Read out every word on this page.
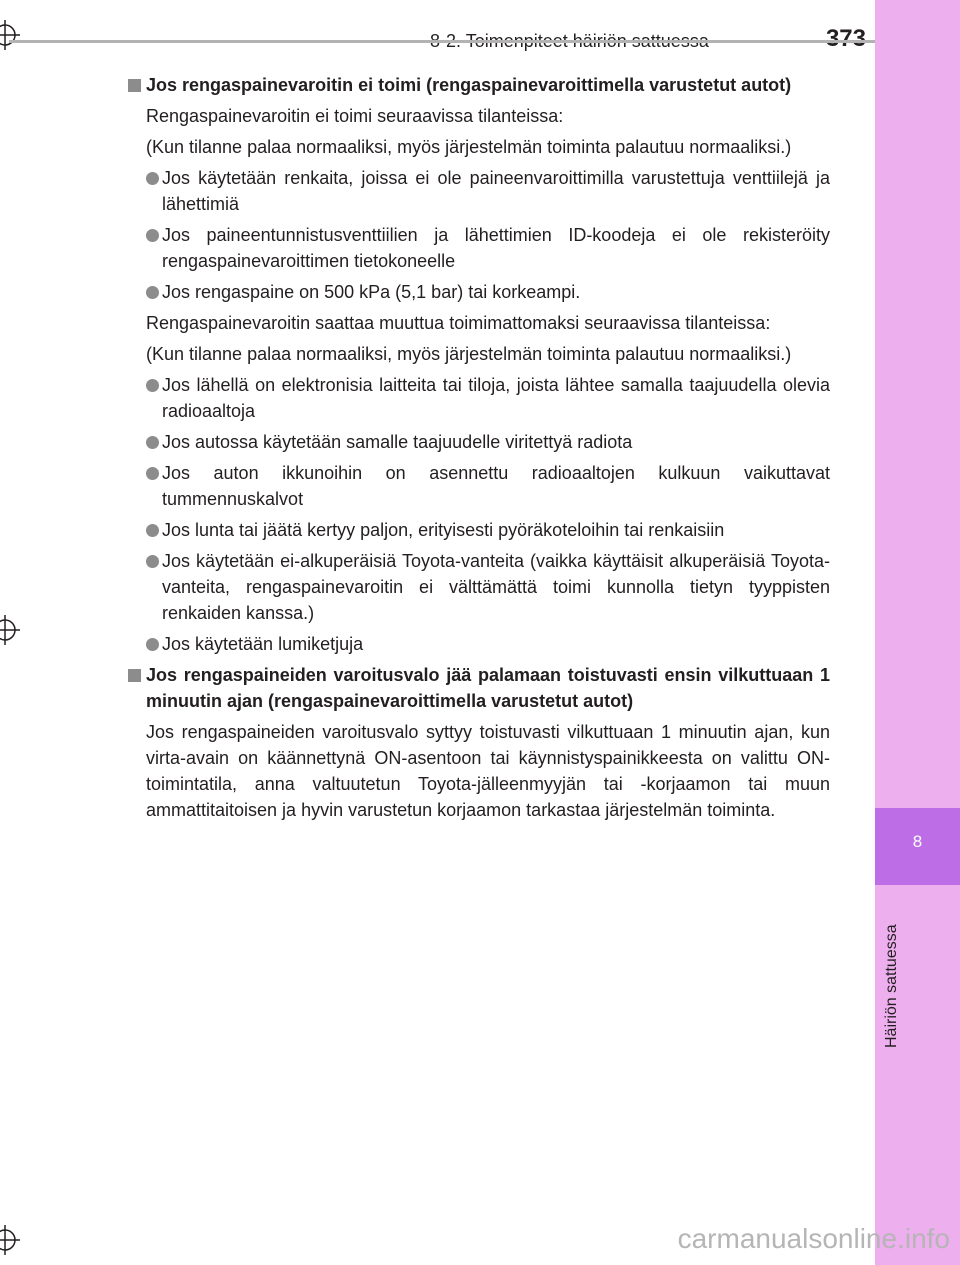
8
Häiriön sattuessa
8-2. Toimenpiteet häiriön sattuessa	373
Jos rengaspainevaroitin ei toimi (rengaspainevaroittimella varustetut autot)

Rengaspainevaroitin ei toimi seuraavissa tilanteissa:

(Kun tilanne palaa normaaliksi, myös järjestelmän toiminta palautuu normaaliksi.)

Jos käytetään renkaita, joissa ei ole paineenvaroittimilla varustettuja venttiilejä ja lähettimiä
Jos paineentunnistusventtiilien ja lähettimien ID-koodeja ei ole rekisteröity rengaspainevaroittimen tietokoneelle
Jos rengaspaine on 500 kPa (5,1 bar) tai korkeampi.

Rengaspainevaroitin saattaa muuttua toimimattomaksi seuraavissa tilanteissa:

(Kun tilanne palaa normaaliksi, myös järjestelmän toiminta palautuu normaaliksi.)

Jos lähellä on elektronisia laitteita tai tiloja, joista lähtee samalla taajuudella olevia radioaaltoja
Jos autossa käytetään samalle taajuudelle viritettyä radiota
Jos auton ikkunoihin on asennettu radioaaltojen kulkuun vaikuttavat tummennuskalvot
Jos lunta tai jäätä kertyy paljon, erityisesti pyöräkoteloihin tai renkaisiin
Jos käytetään ei-alkuperäisiä Toyota-vanteita (vaikka käyttäisit alkuperäisiä Toyota-vanteita, rengaspainevaroitin ei välttämättä toimi kunnolla tietyn tyyppisten renkaiden kanssa.)
Jos käytetään lumiketjuja
Jos rengaspaineiden varoitusvalo jää palamaan toistuvasti ensin vilkuttuaan 1 minuutin ajan (rengaspainevaroittimella varustetut autot)

Jos rengaspaineiden varoitusvalo syttyy toistuvasti vilkuttuaan 1 minuutin ajan, kun virta-avain on käännettynä ON-asentoon tai käynnistyspainikkeesta on valittu ON-toimintatila, anna valtuutetun Toyota-jälleenmyyjän tai -korjaamon tai muun ammattitaitoisen ja hyvin varustetun korjaamon tarkastaa järjestelmän toiminta.

carmanualsonline.info
